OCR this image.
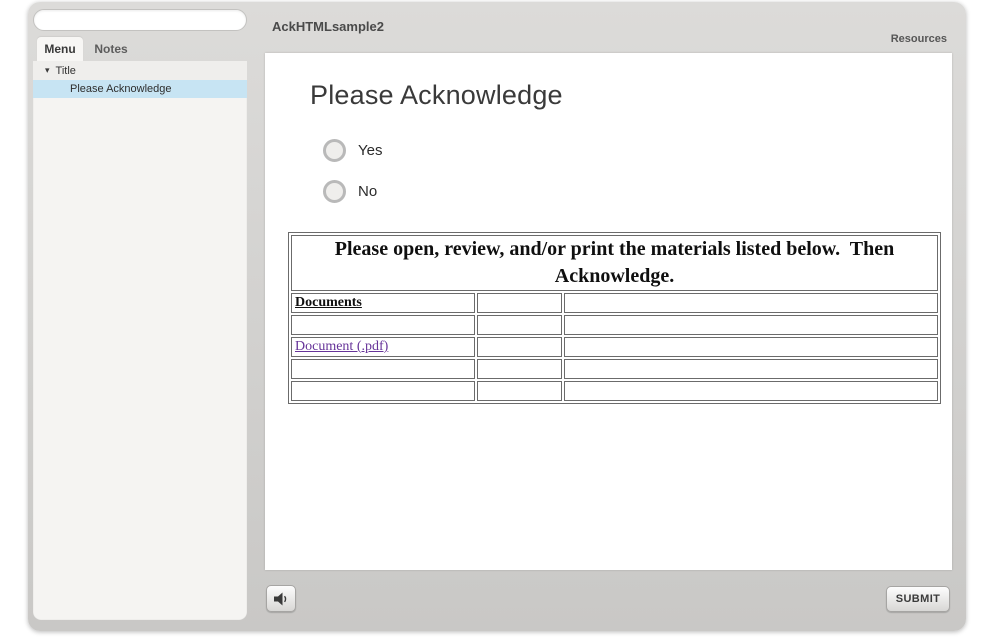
Menu	Notes
▾ Title
Please Acknowledge
AckHTMLsample2
Resources
Please Acknowledge
Yes
No
Please open, review, and/or print the materials listed below.  Then Acknowledge.		
Documents		

Document (.pdf)		

SUBMIT
